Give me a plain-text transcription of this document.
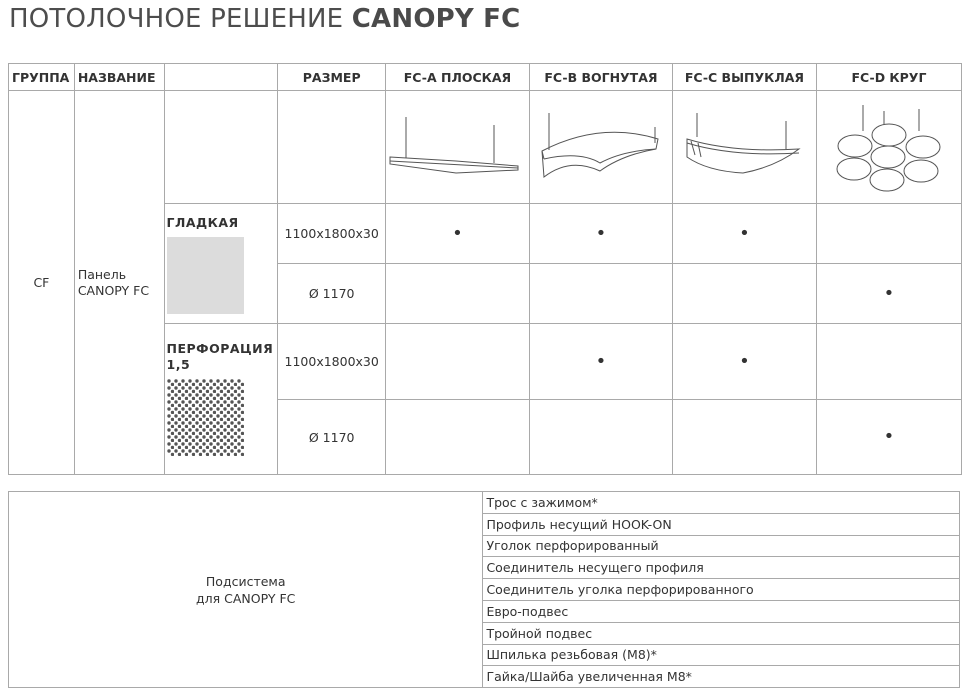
ПОТОЛОЧНОЕ РЕШЕНИЕ CANOPY FC
ГРУППА	НАЗВАНИЕ		РАЗМЕР	FC-A ПЛОСКАЯ	FC-B ВОГНУТАЯ	FC-C ВЫПУКЛАЯ	FC-D КРУГ
CF	Панель
CANOPY FC

		ГЛАДКАЯ	1100x1800x30	•	•	•	
			Ø 1170				•

		ПЕРФОРАЦИЯ
1,5	1100x1800x30		•	•	
			Ø 1170				•
Подсистема
для CANOPY FC
	Трос с зажимом*
Профиль несущий HOOK-ON
Уголок перфорированный
Соединитель несущего профиля
Соединитель уголка перфорированного
Евро-подвес
Тройной подвес
Шпилька резьбовая (М8)*
Гайка/Шайба увеличенная М8*
